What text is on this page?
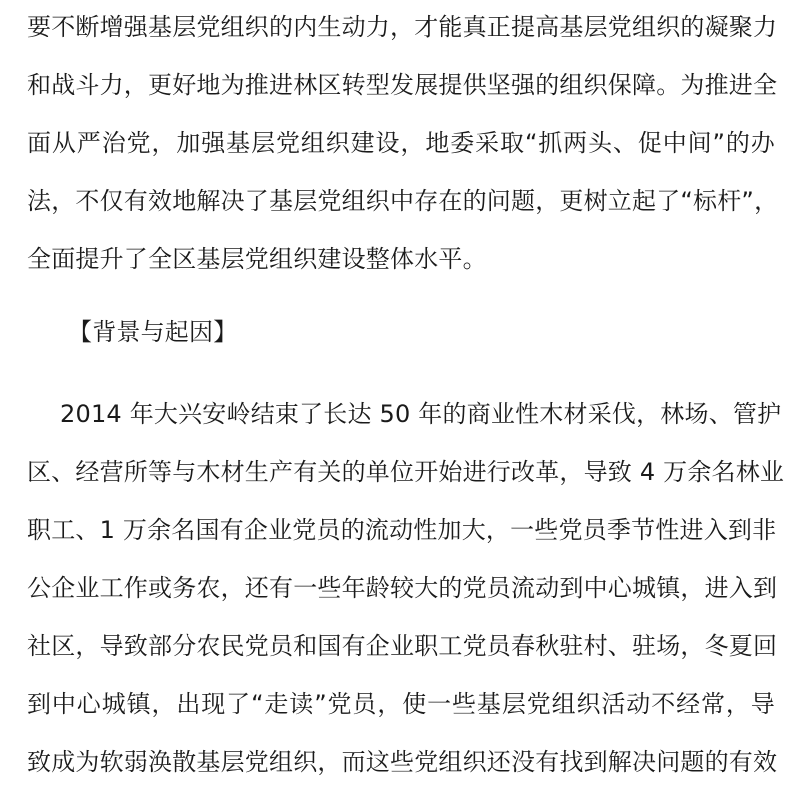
要不断增强基层党组织的内生动力，才能真正提高基层党组织的凝聚力
和战斗力，更好地为推进林区转型发展提供坚强的组织保障。为推进全
面从严治党，加强基层党组织建设，地委采取“抓两头、促中间”的办
法，不仅有效地解决了基层党组织中存在的问题，更树立起了“标杆”，
全面提升了全区基层党组织建设整体水平。
【背景与起因】
2014 年大兴安岭结束了长达 50 年的商业性木材采伐，林场、管护
区、经营所等与木材生产有关的单位开始进行改革，导致 4 万余名林业
职工、1 万余名国有企业党员的流动性加大，一些党员季节性进入到非
公企业工作或务农，还有一些年龄较大的党员流动到中心城镇，进入到
社区，导致部分农民党员和国有企业职工党员春秋驻村、驻场，冬夏回
到中心城镇，出现了“走读”党员，使一些基层党组织活动不经常，导
致成为软弱涣散基层党组织，而这些党组织还没有找到解决问题的有效
